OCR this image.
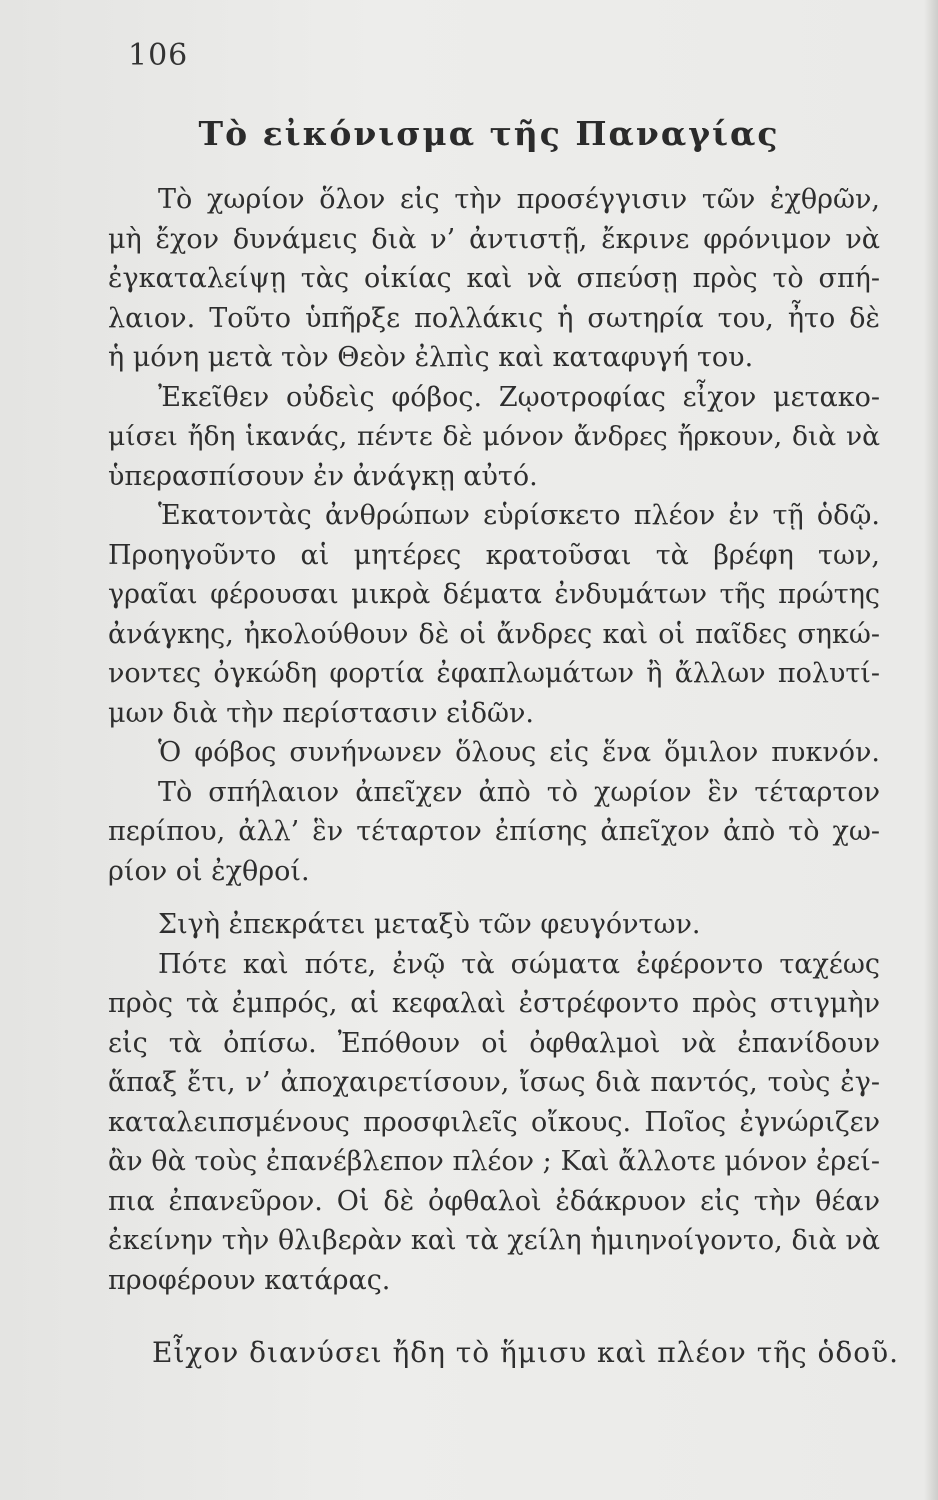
106
Τὸ εἰκόνισμα τῆς Παναγίας
Τὸ χωρίον ὅλον εἰς τὴν προσέγγισιν τῶν ἐχθρῶν,
μὴ ἔχον δυνάμεις διὰ ν’ ἀντιστῇ, ἔκρινε φρόνιμον νὰ
ἐγκαταλείψῃ τὰς οἰκίας καὶ νὰ σπεύσῃ πρὸς τὸ σπή-
λαιον. Τοῦτο ὑπῆρξε πολλάκις ἡ σωτηρία του, ἦτο δὲ
ἡ μόνη μετὰ τὸν Θεὸν ἐλπὶς καὶ καταφυγή του.
Ἐκεῖθεν οὐδεὶς φόβος. Ζῳοτροφίας εἶχον μετακο-
μίσει ἤδη ἱκανάς, πέντε δὲ μόνον ἄνδρες ἤρκουν, διὰ νὰ
ὑπερασπίσουν ἐν ἀνάγκῃ αὐτό.
Ἑκατοντὰς ἀνθρώπων εὑρίσκετο πλέον ἐν τῇ ὁδῷ.
Προηγοῦντο αἱ μητέρες κρατοῦσαι τὰ βρέφη των,
γραῖαι φέρουσαι μικρὰ δέματα ἐνδυμάτων τῆς πρώτης
ἀνάγκης, ἠκολούθουν δὲ οἱ ἄνδρες καὶ οἱ παῖδες σηκώ-
νοντες ὀγκώδη φορτία ἐφαπλωμάτων ἢ ἄλλων πολυτί-
μων διὰ τὴν περίστασιν εἰδῶν.
Ὁ φόβος συνήνωνεν ὅλους εἰς ἕνα ὅμιλον πυκνόν.
Τὸ σπήλαιον ἀπεῖχεν ἀπὸ τὸ χωρίον ἓν τέταρτον
περίπου, ἀλλ’ ἓν τέταρτον ἐπίσης ἀπεῖχον ἀπὸ τὸ χω-
ρίον οἱ ἐχθροί.
Σιγὴ ἐπεκράτει μεταξὺ τῶν φευγόντων.
Πότε καὶ πότε, ἐνῷ τὰ σώματα ἐφέροντο ταχέως
πρὸς τὰ ἐμπρός, αἱ κεφαλαὶ ἐστρέφοντο πρὸς στιγμὴν
εἰς τὰ ὀπίσω. Ἐπόθουν οἱ ὀφθαλμοὶ νὰ ἐπανίδουν
ἅπαξ ἔτι, ν’ ἀποχαιρετίσουν, ἴσως διὰ παντός, τοὺς ἐγ-
καταλειπσμένους προσφιλεῖς οἴκους. Ποῖος ἐγνώριζεν
ἂν θὰ τοὺς ἐπανέβλεπον πλέον ; Καὶ ἄλλοτε μόνον ἐρεί-
πια ἐπανεῦρον. Οἱ δὲ ὀφθαλοὶ ἐδάκρυον εἰς τὴν θέαν
ἐκείνην τὴν θλιβερὰν καὶ τὰ χείλη ἡμιηνοίγοντο, διὰ νὰ
προφέρουν κατάρας.
Εἶχον διανύσει ἤδη τὸ ἥμισυ καὶ πλέον τῆς ὁδοῦ.
